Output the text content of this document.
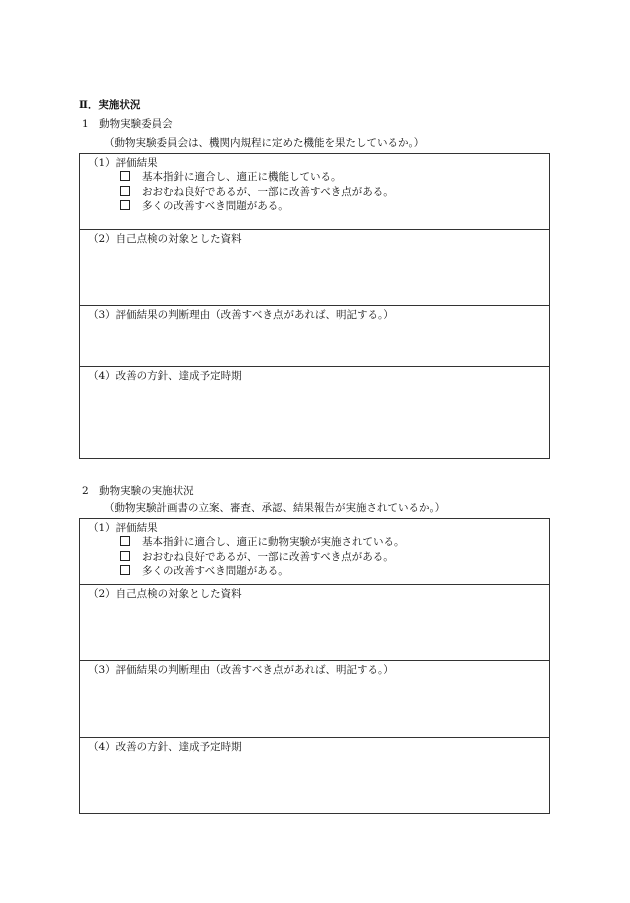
Ⅱ．実施状況
1　動物実験委員会
（動物実験委員会は、機関内規程に定めた機能を果たしているか。）
（1）評価結果
基本指針に適合し、適正に機能している。
おおむね良好であるが、一部に改善すべき点がある。
多くの改善すべき問題がある。
（2）自己点検の対象とした資料
（3）評価結果の判断理由（改善すべき点があれば、明記する。）
（4）改善の方針、達成予定時期
2　動物実験の実施状況
（動物実験計画書の立案、審査、承認、結果報告が実施されているか。）
（1）評価結果
基本指針に適合し、適正に動物実験が実施されている。
おおむね良好であるが、一部に改善すべき点がある。
多くの改善すべき問題がある。
（2）自己点検の対象とした資料
（3）評価結果の判断理由（改善すべき点があれば、明記する。）
（4）改善の方針、達成予定時期
